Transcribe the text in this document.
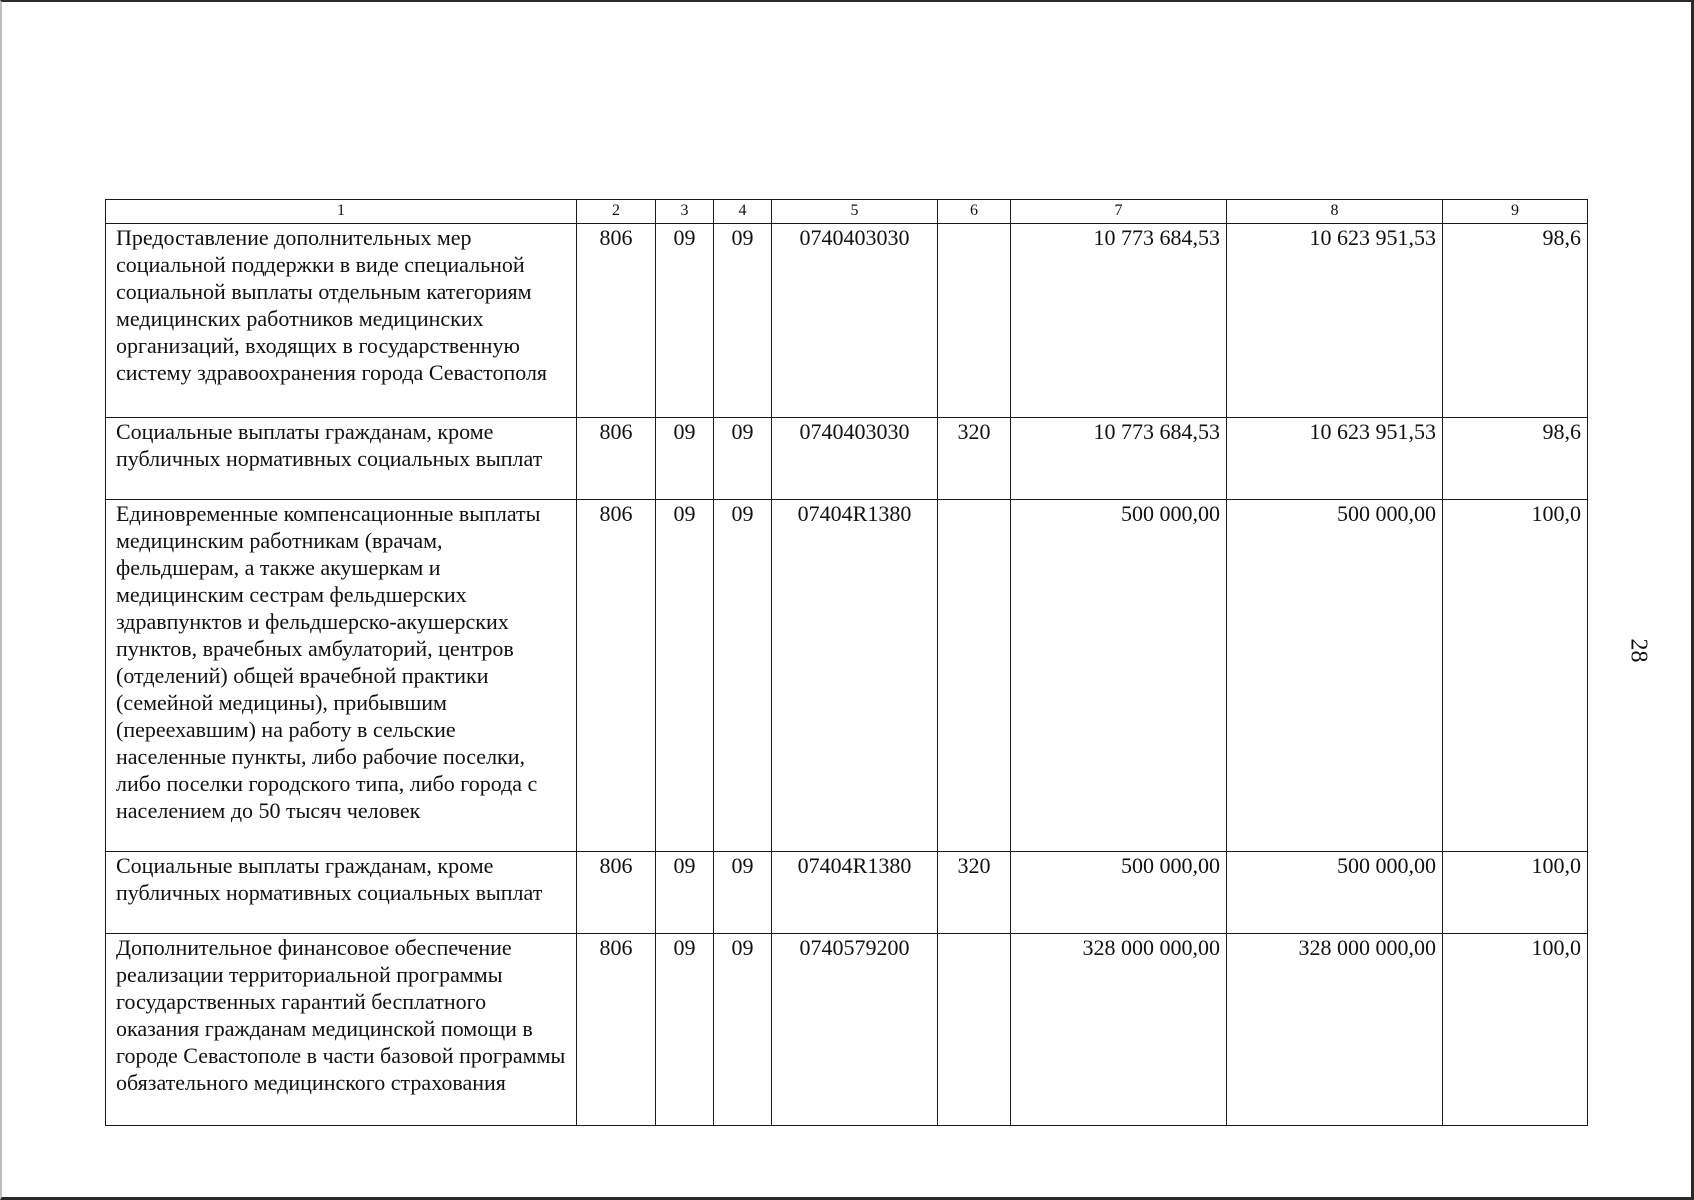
1	2	3	4	5	6	7	8	9
Предоставление дополнительных мер социальной поддержки в виде специальной социальной выплаты отдельным категориям медицинских работников медицинских организаций, входящих в государственную систему здравоохранения города Севастополя	806	09	09	0740403030		10 773 684,53	10 623 951,53	98,6
Социальные выплаты гражданам, кроме публичных нормативных социальных выплат	806	09	09	0740403030	320	10 773 684,53	10 623 951,53	98,6
Единовременные компенсационные выплаты медицинским работникам (врачам, фельдшерам, а также акушеркам и медицинским сестрам фельдшерских здравпунктов и фельдшерско-акушерских пунктов, врачебных амбулаторий, центров (отделений) общей врачебной практики (семейной медицины), прибывшим (переехавшим) на работу в сельские населенные пункты, либо рабочие поселки, либо поселки городского типа, либо города с населением до 50 тысяч человек	806	09	09	07404R1380		500 000,00	500 000,00	100,0
Социальные выплаты гражданам, кроме публичных нормативных социальных выплат	806	09	09	07404R1380	320	500 000,00	500 000,00	100,0
Дополнительное финансовое обеспечение реализации территориальной программы государственных гарантий бесплатного оказания гражданам медицинской помощи в городе Севастополе в части базовой программы обязательного медицинского страхования	806	09	09	0740579200		328 000 000,00	328 000 000,00	100,0
28
